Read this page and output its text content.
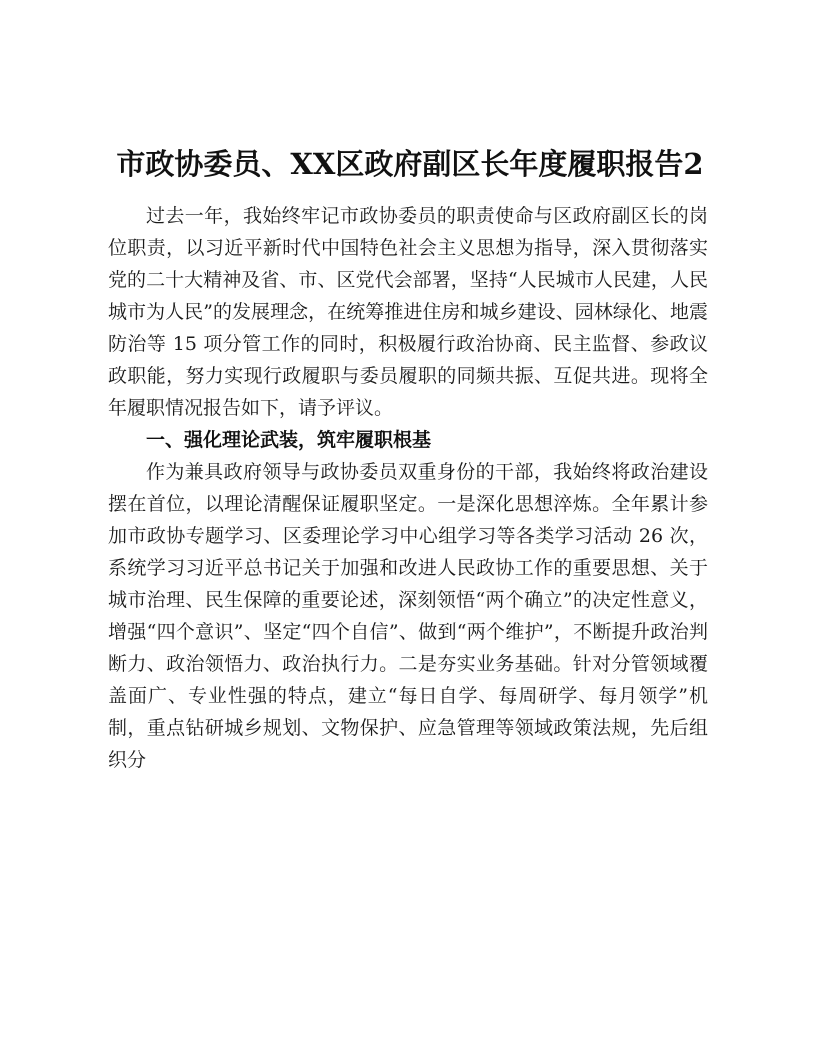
市政协委员、XX区政府副区长年度履职报告2

过去一年，我始终牢记市政协委员的职责使命与区政府副区长的岗位职责，以习近平新时代中国特色社会主义思想为指导，深入贯彻落实党的二十大精神及省、市、区党代会部署，坚持“人民城市人民建，人民城市为人民”的发展理念，在统筹推进住房和城乡建设、园林绿化、地震防治等 15 项分管工作的同时，积极履行政治协商、民主监督、参政议政职能，努力实现行政履职与委员履职的同频共振、互促共进。现将全年履职情况报告如下，请予评议。

一、强化理论武装，筑牢履职根基

作为兼具政府领导与政协委员双重身份的干部，我始终将政治建设摆在首位，以理论清醒保证履职坚定。一是深化思想淬炼。全年累计参加市政协专题学习、区委理论学习中心组学习等各类学习活动 26 次，系统学习习近平总书记关于加强和改进人民政协工作的重要思想、关于城市治理、民生保障的重要论述，深刻领悟“两个确立”的决定性意义，增强“四个意识”、坚定“四个自信”、做到“两个维护”，不断提升政治判断力、政治领悟力、政治执行力。二是夯实业务基础。针对分管领域覆盖面广、专业性强的特点，建立“每日自学、每周研学、每月领学”机制，重点钻研城乡规划、文物保护、应急管理等领域政策法规，先后组织分
